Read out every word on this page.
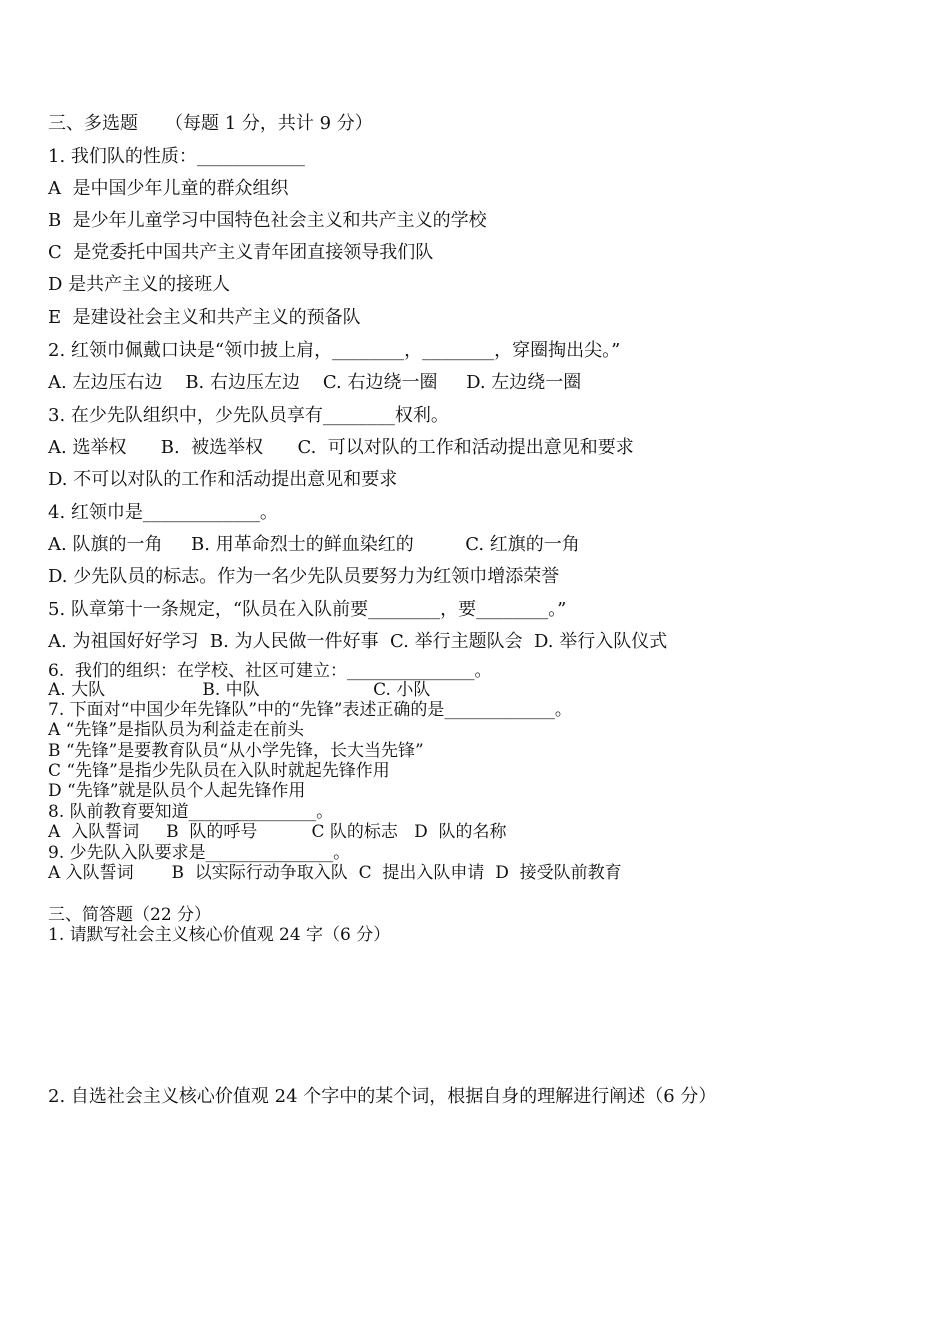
三、多选题　　（每题 1 分，共计 9 分）
1. 我们队的性质：____________
A  是中国少年儿童的群众组织
B  是少年儿童学习中国特色社会主义和共产主义的学校
C  是党委托中国共产主义青年团直接领导我们队
D 是共产主义的接班人
E  是建设社会主义和共产主义的预备队
2. 红领巾佩戴口诀是“领巾披上肩，________，________，穿圈掏出尖。”
A. 左边压右边    B. 右边压左边    C. 右边绕一圈     D. 左边绕一圈
3. 在少先队组织中，少先队员享有________权利。
A. 选举权      B.  被选举权      C.  可以对队的工作和活动提出意见和要求
D. 不可以对队的工作和活动提出意见和要求
4. 红领巾是_____________。
A. 队旗的一角     B. 用革命烈士的鲜血染红的         C. 红旗的一角
D. 少先队员的标志。作为一名少先队员要努力为红领巾增添荣誉
5. 队章第十一条规定，“队员在入队前要________，要________。”
A. 为祖国好好学习  B. 为人民做一件好事  C. 举行主题队会  D. 举行入队仪式
6.  我们的组织：在学校、社区可建立：_______________。
A. 大队                  B. 中队                     C. 小队
7. 下面对“中国少年先锋队”中的“先锋”表述正确的是_____________。
A “先锋”是指队员为利益走在前头
B “先锋”是要教育队员“从小学先锋，长大当先锋”
C “先锋”是指少先队员在入队时就起先锋作用
D “先锋”就是队员个人起先锋作用
8. 队前教育要知道_______________。
A  入队誓词     B  队的呼号          C 队的标志   D  队的名称
9. 少先队入队要求是_______________。
A 入队誓词       B  以实际行动争取入队  C  提出入队申请  D  接受队前教育
三、简答题（22 分）
1. 请默写社会主义核心价值观 24 字（6 分）
2. 自选社会主义核心价值观 24 个字中的某个词，根据自身的理解进行阐述（6 分）
